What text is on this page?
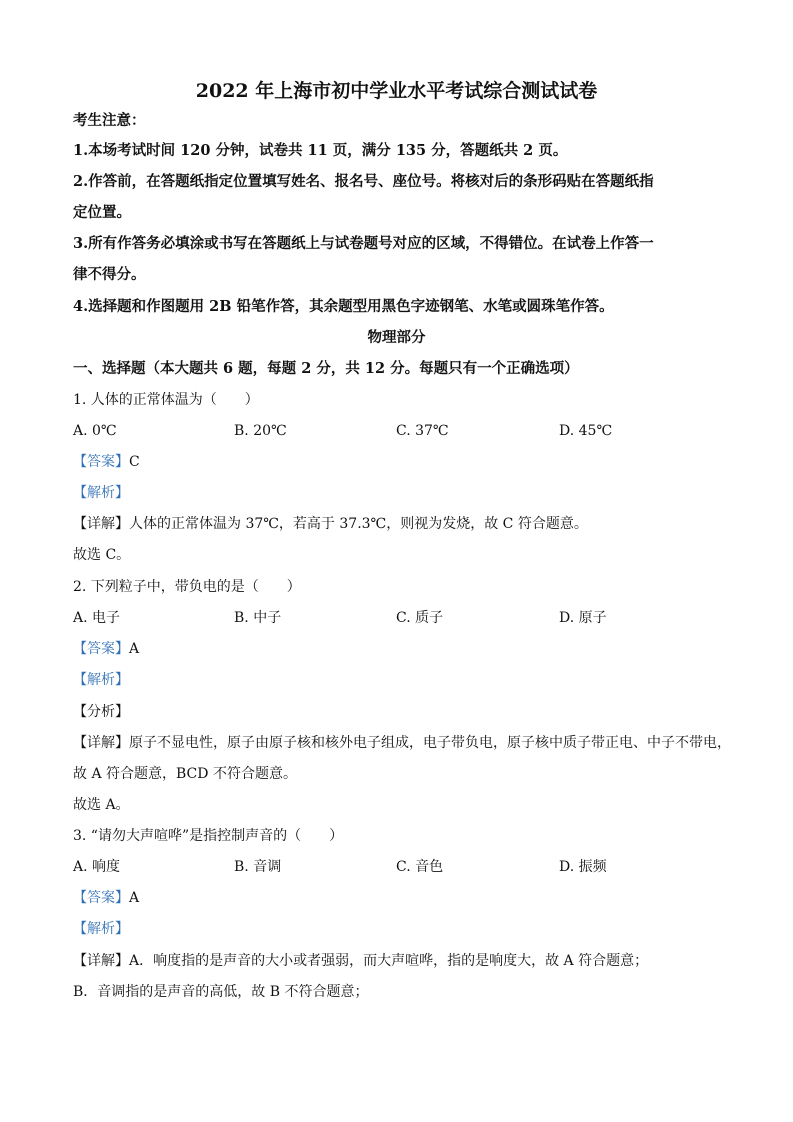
2022 年上海市初中学业水平考试综合测试试卷
考生注意：
1.本场考试时间 120 分钟，试卷共 11 页，满分 135 分，答题纸共 2 页。
2.作答前，在答题纸指定位置填写姓名、报名号、座位号。将核对后的条形码贴在答题纸指
定位置。
3.所有作答务必填涂或书写在答题纸上与试卷题号对应的区域，不得错位。在试卷上作答一
律不得分。
4.选择题和作图题用 2B 铅笔作答，其余题型用黑色字迹钢笔、水笔或圆珠笔作答。
物理部分
一、选择题（本大题共 6 题，每题 2 分，共 12 分。每题只有一个正确选项）
1. 人体的正常体温为（　　）
A. 0℃	B. 20℃	C. 37℃	D. 45℃
【答案】C
【解析】
【详解】人体的正常体温为 37℃，若高于 37.3℃，则视为发烧，故 C 符合题意。
故选 C。
2. 下列粒子中，带负电的是（　　）
A. 电子	B. 中子	C. 质子	D. 原子
【答案】A
【解析】
【分析】
【详解】原子不显电性，原子由原子核和核外电子组成，电子带负电，原子核中质子带正电、中子不带电，
故 A 符合题意，BCD 不符合题意。
故选 A。
3. “请勿大声喧哗”是指控制声音的（　　）
A. 响度	B. 音调	C. 音色	D. 振频
【答案】A
【解析】
【详解】A．响度指的是声音的大小或者强弱，而大声喧哗，指的是响度大，故 A 符合题意；
B．音调指的是声音的高低，故 B 不符合题意；
